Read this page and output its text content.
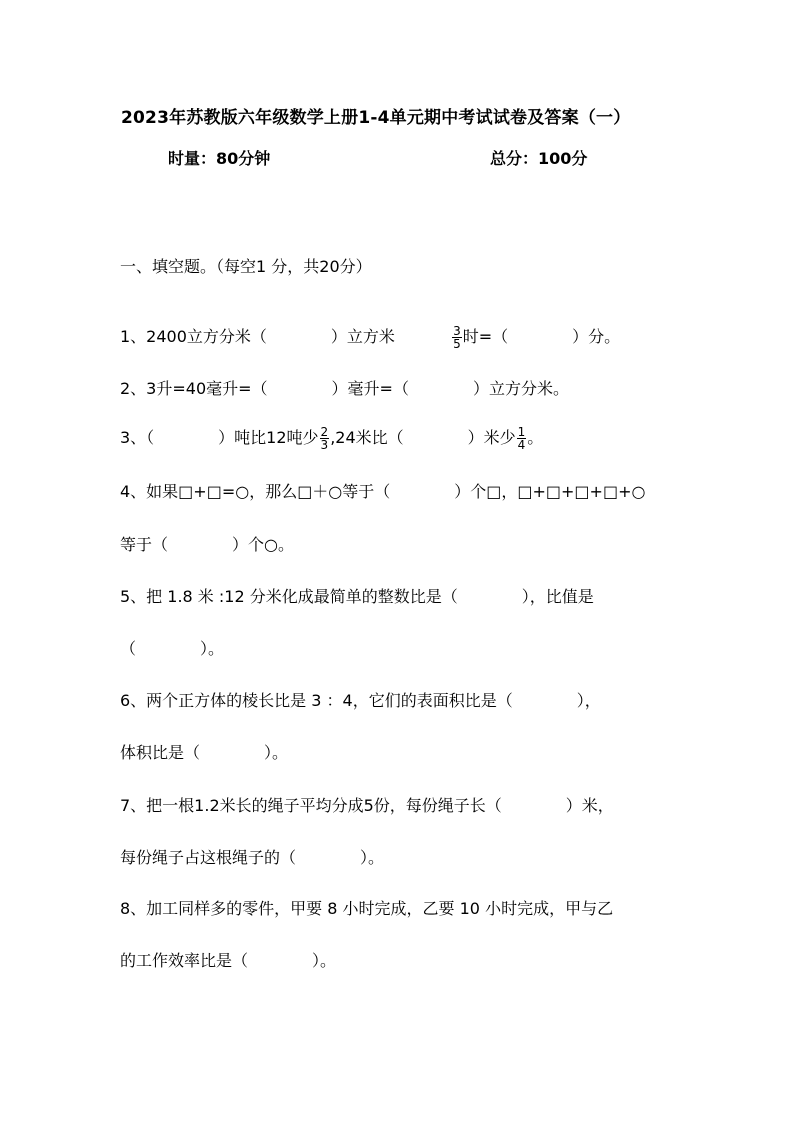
2023年苏教版六年级数学上册1-4单元期中考试试卷及答案（一）
时量：80分钟	总分：100分
一、填空题。（每空1 分，共20分）
1、2400立方分米（　　　　）立方米	$\frac{3}{5}$ 时=（　　　　）分。
2、3升=40毫升=（　　　　）毫升=（　　　　）立方分米。
3、（　　　　）吨比12吨少 $\frac{2}{3} ,24$米比（　　　　）米少 $\frac{1}{4}$ 。
4、如果□+□=○，那么□＋○等于（　　　　）个□，□+□+□+□+○
等于（　　　　）个○。
5、把 1.8 米 :12 分米化成最简单的整数比是（　　　　），比值是
（　　　　）。
6、两个正方体的棱长比是 3 ：4，它们的表面积比是（　　　　），
体积比是（　　　　）。
7、把一根1.2米长的绳子平均分成5份，每份绳子长（　　　　）米，
每份绳子占这根绳子的（　　　　）。
8、加工同样多的零件，甲要 8 小时完成，乙要 10 小时完成，甲与乙
的工作效率比是（　　　　）。
